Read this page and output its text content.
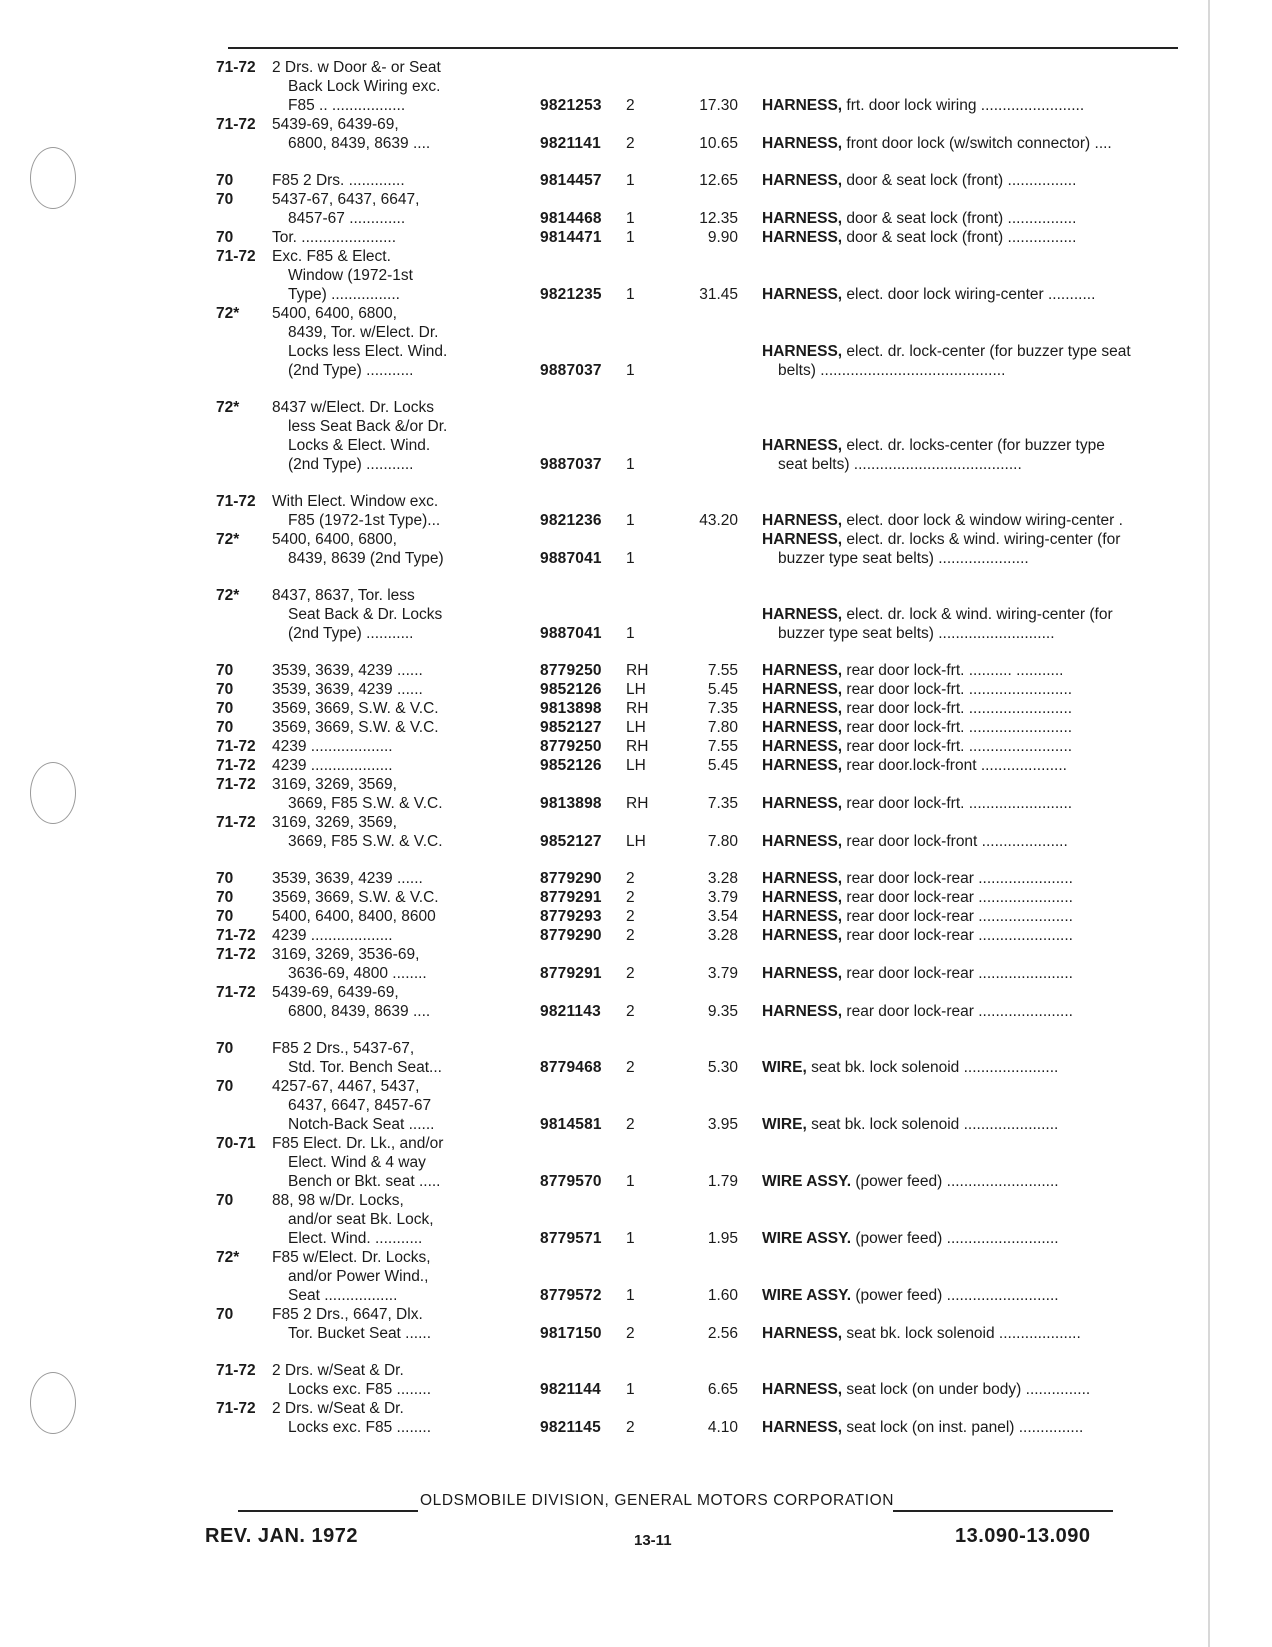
71-72	2 Drs. w Door &- or Seat
Back Lock Wiring exc.
F85 .. .................	9821253	2	17.30 HARNESS, frt. door lock wiring ........................
71-72	5439-69, 6439-69,
6800, 8439, 8639 ....	9821141	2	10.65 HARNESS, front door lock (w/switch connector) ....
70	F85 2 Drs. .............	9814457	1	12.65 HARNESS, door & seat lock (front) ................
70	5437-67, 6437, 6647,
8457-67 .............	9814468	1	12.35 HARNESS, door & seat lock (front) ................
70	Tor. ......................	9814471	1	9.90 HARNESS, door & seat lock (front) ................
71-72	Exc. F85 & Elect.
Window (1972-1st
Type) ................	9821235	1	31.45 HARNESS, elect. door lock wiring-center ...........
72*	5400, 6400, 6800,
8439, Tor. w/Elect. Dr.
Locks less Elect. Wind.
(2nd Type) ...........	9887037	1
HARNESS, elect. dr. lock-center (for buzzer type seat
belts) ...........................................
72*	8437 w/Elect. Dr. Locks
less Seat Back &/or Dr.
Locks & Elect. Wind.
(2nd Type) ...........	9887037	1
HARNESS, elect. dr. locks-center (for buzzer type
seat belts) .......................................
71-72	With Elect. Window exc.
F85 (1972-1st Type)...	9821236	1	43.20 HARNESS, elect. door lock & window wiring-center .
72*	5400, 6400, 6800,
8439, 8639 (2nd Type)	9887041	1
HARNESS, elect. dr. locks & wind. wiring-center (for
buzzer type seat belts) .....................
72*	8437, 8637, Tor. less
Seat Back & Dr. Locks
(2nd Type) ...........	9887041	1
HARNESS, elect. dr. lock & wind. wiring-center (for
buzzer type seat belts) ...........................
70	3539, 3639, 4239 ......	8779250	RH	7.55 HARNESS, rear door lock-frt. .......... ...........
70	3539, 3639, 4239 ......	9852126	LH	5.45 HARNESS, rear door lock-frt. ........................
70	3569, 3669, S.W. & V.C.	9813898	RH	7.35 HARNESS, rear door lock-frt. ........................
70	3569, 3669, S.W. & V.C.	9852127	LH	7.80 HARNESS, rear door lock-frt. ........................
71-72	4239 ...................	8779250	RH	7.55 HARNESS, rear door lock-frt. ........................
71-72	4239 ...................	9852126	LH	5.45 HARNESS, rear door.lock-front ....................
71-72	3169, 3269, 3569,
3669, F85 S.W. & V.C.	9813898	RH	7.35 HARNESS, rear door lock-frt. ........................
71-72	3169, 3269, 3569,
3669, F85 S.W. & V.C.	9852127	LH	7.80 HARNESS, rear door lock-front ....................
70	3539, 3639, 4239 ......	8779290	2	3.28 HARNESS, rear door lock-rear ......................
70	3569, 3669, S.W. & V.C.	8779291	2	3.79 HARNESS, rear door lock-rear ......................
70	5400, 6400, 8400, 8600	8779293	2	3.54 HARNESS, rear door lock-rear ......................
71-72	4239 ...................	8779290	2	3.28 HARNESS, rear door lock-rear ......................
71-72	3169, 3269, 3536-69,
3636-69, 4800 ........	8779291	2	3.79 HARNESS, rear door lock-rear ......................
71-72	5439-69, 6439-69,
6800, 8439, 8639 ....	9821143	2	9.35 HARNESS, rear door lock-rear ......................
70	F85 2 Drs., 5437-67,
Std. Tor. Bench Seat...	8779468	2	5.30 WIRE, seat bk. lock solenoid ......................
70	4257-67, 4467, 5437,
6437, 6647, 8457-67
Notch-Back Seat ......	9814581	2	3.95 WIRE, seat bk. lock solenoid ......................
70-71	F85 Elect. Dr. Lk., and/or
Elect. Wind & 4 way
Bench or Bkt. seat .....	8779570	1	1.79 WIRE ASSY. (power feed) ..........................
70	88, 98 w/Dr. Locks,
and/or seat Bk. Lock,
Elect. Wind. ...........	8779571	1	1.95 WIRE ASSY. (power feed) ..........................
72*	F85 w/Elect. Dr. Locks,
and/or Power Wind.,
Seat .................	8779572	1	1.60 WIRE ASSY. (power feed) ..........................
70	F85 2 Drs., 6647, Dlx.
Tor. Bucket Seat ......	9817150	2	2.56 HARNESS, seat bk. lock solenoid ...................
71-72	2 Drs. w/Seat & Dr.
Locks exc. F85 ........	9821144	1	6.65 HARNESS, seat lock (on under body) ...............
71-72	2 Drs. w/Seat & Dr.
Locks exc. F85 ........	9821145	2	4.10 HARNESS, seat lock (on inst. panel) ...............
OLDSMOBILE DIVISION, GENERAL MOTORS CORPORATION
REV. JAN. 1972	13-11	13.090-13.090
